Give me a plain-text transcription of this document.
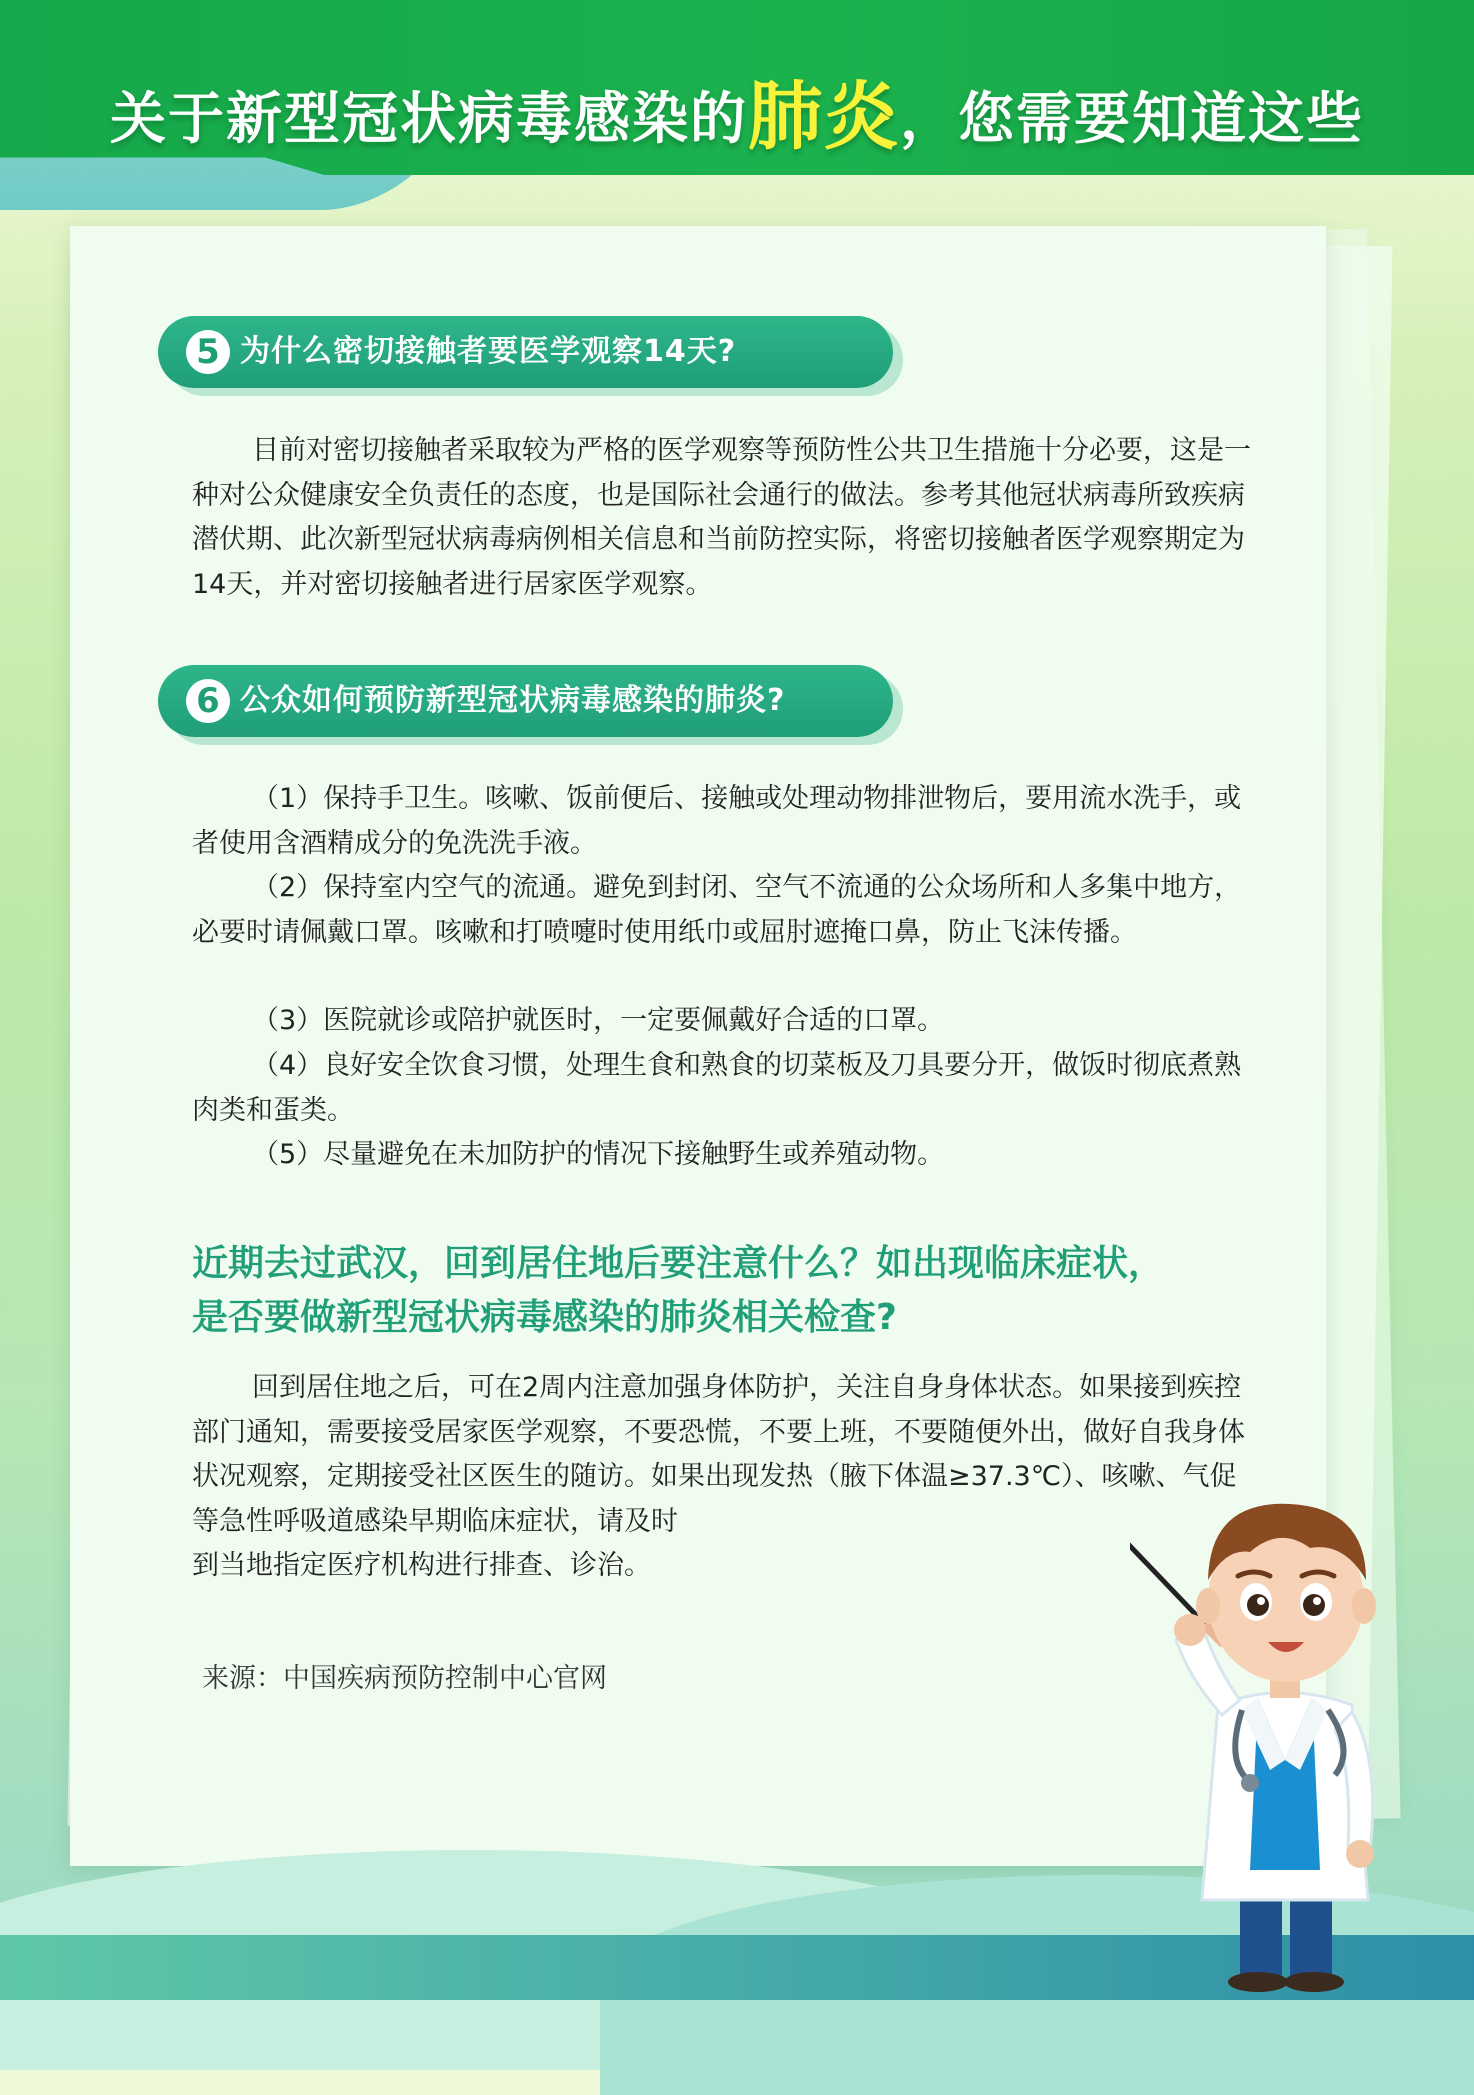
关于新型冠状病毒感染的肺炎，您需要知道这些
5 为什么密切接触者要医学观察14天?

目前对密切接触者采取较为严格的医学观察等预防性公共卫生措施十分必要，这是一种对公众健康安全负责任的态度，也是国际社会通行的做法。参考其他冠状病毒所致疾病潜伏期、此次新型冠状病毒病例相关信息和当前防控实际，将密切接触者医学观察期定为14天，并对密切接触者进行居家医学观察。

6 公众如何预防新型冠状病毒感染的肺炎?

（1）保持手卫生。咳嗽、饭前便后、接触或处理动物排泄物后，要用流水洗手，或者使用含酒精成分的免洗洗手液。

（2）保持室内空气的流通。避免到封闭、空气不流通的公众场所和人多集中地方，必要时请佩戴口罩。咳嗽和打喷嚏时使用纸巾或屈肘遮掩口鼻，防止飞沫传播。

（3）医院就诊或陪护就医时，一定要佩戴好合适的口罩。

（4）良好安全饮食习惯，处理生食和熟食的切菜板及刀具要分开，做饭时彻底煮熟肉类和蛋类。

（5）尽量避免在未加防护的情况下接触野生或养殖动物。

近期去过武汉，回到居住地后要注意什么？如出现临床症状，
是否要做新型冠状病毒感染的肺炎相关检查?

回到居住地之后，可在2周内注意加强身体防护，关注自身身体状态。如果接到疾控部门通知，需要接受居家医学观察，不要恐慌，不要上班，不要随便外出，做好自我身体状况观察，定期接受社区医生的随访。如果出现发热（腋下体温≥37.3℃）、咳嗽、气促等急性呼吸道感染早期临床症状，请及时

到当地指定医疗机构进行排查、诊治。

来源：中国疾病预防控制中心官网
